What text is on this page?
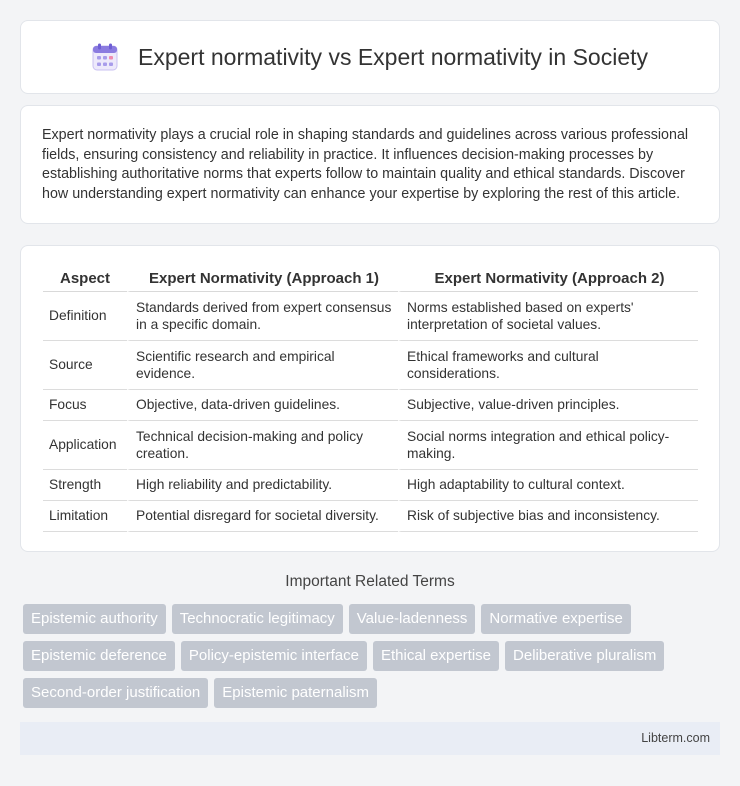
Expert normativity vs Expert normativity in Society

Expert normativity plays a crucial role in shaping standards and guidelines across various professional fields, ensuring consistency and reliability in practice. It influences decision-making processes by establishing authoritative norms that experts follow to maintain quality and ethical standards. Discover how understanding expert normativity can enhance your expertise by exploring the rest of this article.

Aspect	Expert Normativity (Approach 1)	Expert Normativity (Approach 2)
Definition	Standards derived from expert consensus in a specific domain.	Norms established based on experts' interpretation of societal values.
Source	Scientific research and empirical evidence.	Ethical frameworks and cultural considerations.
Focus	Objective, data-driven guidelines.	Subjective, value-driven principles.
Application	Technical decision-making and policy creation.	Social norms integration and ethical policy-making.
Strength	High reliability and predictability.	High adaptability to cultural context.
Limitation	Potential disregard for societal diversity.	Risk of subjective bias and inconsistency.
Important Related Terms
Epistemic authority	Technocratic legitimacy	Value-ladenness	Normative expertise
Epistemic deference	Policy-epistemic interface	Ethical expertise	Deliberative pluralism
Second-order justification	Epistemic paternalism
Libterm.com
